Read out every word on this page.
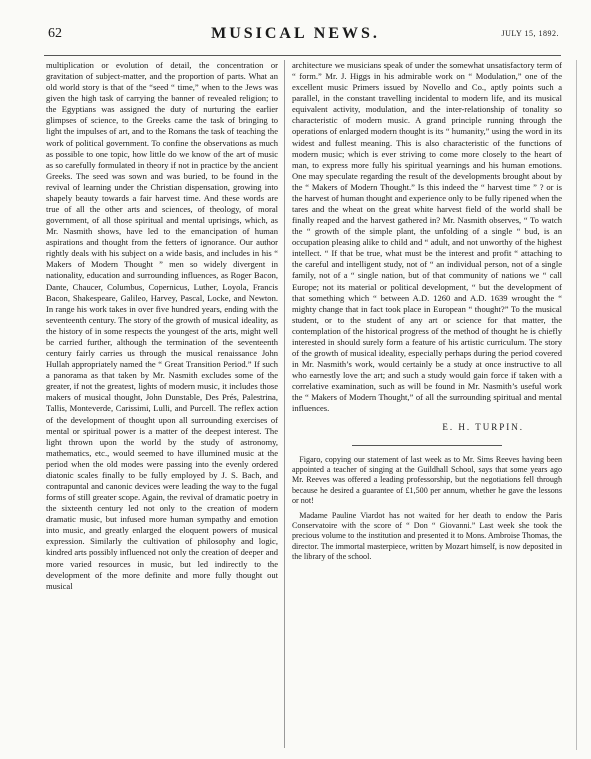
62	MUSICAL NEWS.	JULY 15, 1892.

multiplication or evolution of detail, the concentration or gravitation of subject-matter, and the proportion of parts. What an old world story is that of the “seed “ time,” when to the Jews was given the high task of carrying the banner of revealed religion; to the Egyptians was assigned the duty of nurturing the earlier glimpses of science, to the Greeks came the task of bringing to light the impulses of art, and to the Romans the task of teaching the work of political government. To confine the observations as much as possible to one topic, how little do we know of the art of music as so carefully formulated in theory if not in practice by the ancient Greeks. The seed was sown and was buried, to be found in the revival of learning under the Christian dispensation, growing into shapely beauty towards a fair harvest time. And these words are true of all the other arts and sciences, of theology, of moral government, of all those spiritual and mental uprisings, which, as Mr. Nasmith shows, have led to the emancipation of human aspirations and thought from the fetters of ignorance. Our author rightly deals with his subject on a wide basis, and includes in his “ Makers of Modern Thought ” men so widely divergent in nationality, education and surrounding influences, as Roger Bacon, Dante, Chaucer, Columbus, Copernicus, Luther, Loyola, Francis Bacon, Shakespeare, Galileo, Harvey, Pascal, Locke, and Newton. In range his work takes in over five hundred years, ending with the seventeenth century. The story of the growth of musical ideality, as the history of in some respects the youngest of the arts, might well be carried further, although the termination of the seventeenth century fairly carries us through the musical renaissance John Hullah appropriately named the “ Great Transition Period.” If such a panorama as that taken by Mr. Nasmith excludes some of the greater, if not the greatest, lights of modern music, it includes those makers of musical thought, John Dunstable, Des Prés, Palestrina, Tallis, Monteverde, Carissimi, Lulli, and Purcell. The reflex action of the development of thought upon all surrounding exercises of mental or spiritual power is a matter of the deepest interest. The light thrown upon the world by the study of astronomy, mathematics, etc., would seemed to have illumined music at the period when the old modes were passing into the evenly ordered diatonic scales finally to be fully employed by J. S. Bach, and contrapuntal and canonic devices were leading the way to the fugal forms of still greater scope. Again, the revival of dramatic poetry in the sixteenth century led not only to the creation of modern dramatic music, but infused more human sympathy and emotion into music, and greatly enlarged the eloquent powers of musical expression. Similarly the cultivation of philosophy and logic, kindred arts possibly influenced not only the creation of deeper and more varied resources in music, but led indirectly to the development of the more definite and more fully thought out musical

architecture we musicians speak of under the somewhat unsatisfactory term of “ form.” Mr. J. Higgs in his admirable work on “ Modulation,” one of the excellent music Primers issued by Novello and Co., aptly points such a parallel, in the constant travelling incidental to modern life, and its musical equivalent activity, modulation, and the inter-relationship of tonality so characteristic of modern music. A grand principle running through the operations of enlarged modern thought is its “ humanity,” using the word in its widest and fullest meaning. This is also characteristic of the functions of modern music; which is ever striving to come more closely to the heart of man, to express more fully his spiritual yearnings and his human emotions. One may speculate regarding the result of the developments brought about by the “ Makers of Modern Thought.” Is this indeed the “ harvest time ” ? or is the harvest of human thought and experience only to be fully ripened when the tares and the wheat on the great white harvest field of the world shall be finally reaped and the harvest gathered in? Mr. Nasmith observes, “ To watch the “ growth of the simple plant, the unfolding of a single “ bud, is an occupation pleasing alike to child and “ adult, and not unworthy of the highest intellect. “ If that be true, what must be the interest and profit “ attaching to the careful and intelligent study, not of “ an individual person, not of a single family, not of a “ single nation, but of that community of nations we “ call Europe; not its material or political development, “ but the development of that something which “ between A.D. 1260 and A.D. 1639 wrought the “ mighty change that in fact took place in European “ thought?” To the musical student, or to the student of any art or science for that matter, the contemplation of the historical progress of the method of thought he is chiefly interested in should surely form a feature of his artistic curriculum. The story of the growth of musical ideality, especially perhaps during the period covered in Mr. Nasmith’s work, would certainly be a study at once instructive to all who earnestly love the art; and such a study would gain force if taken with a correlative examination, such as will be found in Mr. Nasmith’s useful work the “ Makers of Modern Thought,” of all the surrounding spiritual and mental influences.

E. H. TURPIN.

Figaro, copying our statement of last week as to Mr. Sims Reeves having been appointed a teacher of singing at the Guildhall School, says that some years ago Mr. Reeves was offered a leading professorship, but the negotiations fell through because he desired a guarantee of £1,500 per annum, whether he gave the lessons or not!

Madame Pauline Viardot has not waited for her death to endow the Paris Conservatoire with the score of “ Don “ Giovanni.” Last week she took the precious volume to the institution and presented it to Mons. Ambroise Thomas, the director. The immortal masterpiece, written by Mozart himself, is now deposited in the library of the school.
